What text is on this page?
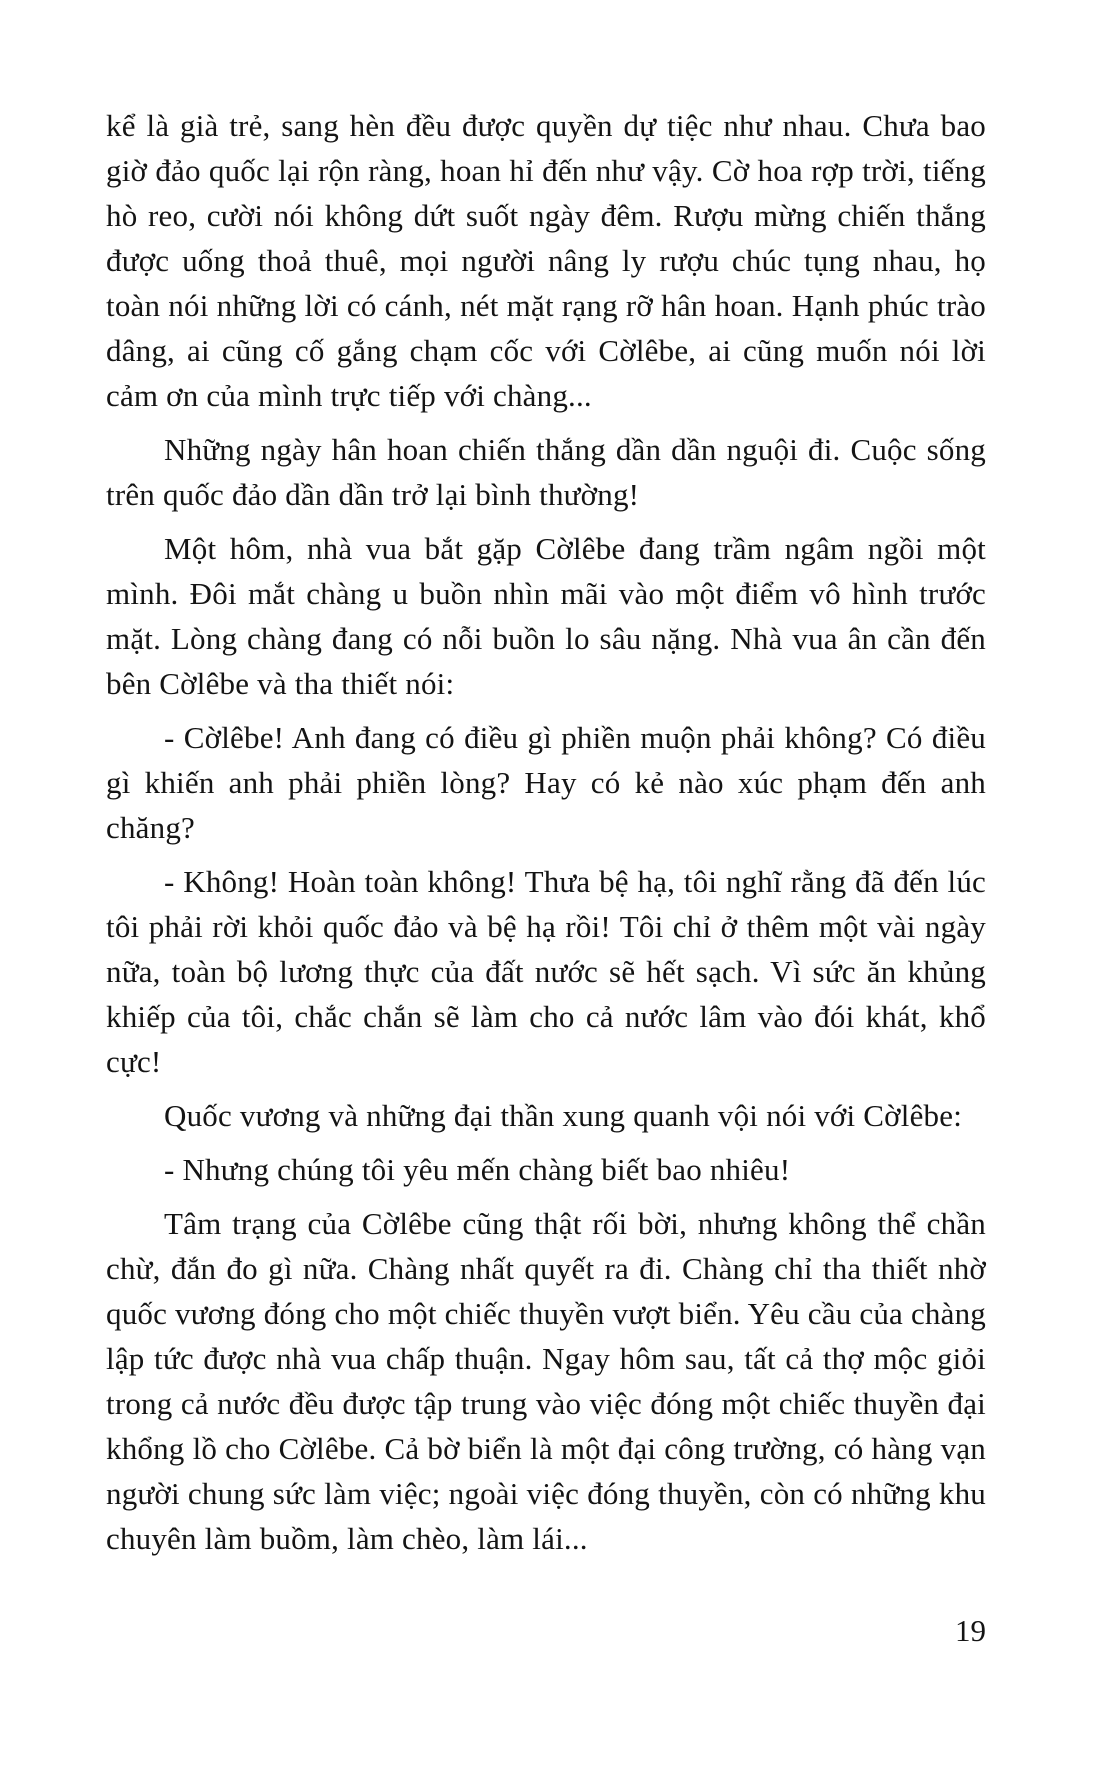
kể là già trẻ, sang hèn đều được quyền dự tiệc như nhau. Chưa bao giờ đảo quốc lại rộn ràng, hoan hỉ đến như vậy. Cờ hoa rợp trời, tiếng hò reo, cười nói không dứt suốt ngày đêm. Rượu mừng chiến thắng được uống thoả thuê, mọi người nâng ly rượu chúc tụng nhau, họ toàn nói những lời có cánh, nét mặt rạng rỡ hân hoan. Hạnh phúc trào dâng, ai cũng cố gắng chạm cốc với Cờlêbe, ai cũng muốn nói lời cảm ơn của mình trực tiếp với chàng...

Những ngày hân hoan chiến thắng dần dần nguội đi. Cuộc sống trên quốc đảo dần dần trở lại bình thường!

Một hôm, nhà vua bắt gặp Cờlêbe đang trầm ngâm ngồi một mình. Đôi mắt chàng u buồn nhìn mãi vào một điểm vô hình trước mặt. Lòng chàng đang có nỗi buồn lo sâu nặng. Nhà vua ân cần đến bên Cờlêbe và tha thiết nói:

- Cờlêbe! Anh đang có điều gì phiền muộn phải không? Có điều gì khiến anh phải phiền lòng? Hay có kẻ nào xúc phạm đến anh chăng?

- Không! Hoàn toàn không! Thưa bệ hạ, tôi nghĩ rằng đã đến lúc tôi phải rời khỏi quốc đảo và bệ hạ rồi! Tôi chỉ ở thêm một vài ngày nữa, toàn bộ lương thực của đất nước sẽ hết sạch. Vì sức ăn khủng khiếp của tôi, chắc chắn sẽ làm cho cả nước lâm vào đói khát, khổ cực!

Quốc vương và những đại thần xung quanh vội nói với Cờlêbe:

- Nhưng chúng tôi yêu mến chàng biết bao nhiêu!

Tâm trạng của Cờlêbe cũng thật rối bời, nhưng không thể chần chừ, đắn đo gì nữa. Chàng nhất quyết ra đi. Chàng chỉ tha thiết nhờ quốc vương đóng cho một chiếc thuyền vượt biển. Yêu cầu của chàng lập tức được nhà vua chấp thuận. Ngay hôm sau, tất cả thợ mộc giỏi trong cả nước đều được tập trung vào việc đóng một chiếc thuyền đại khổng lồ cho Cờlêbe. Cả bờ biển là một đại công trường, có hàng vạn người chung sức làm việc; ngoài việc đóng thuyền, còn có những khu chuyên làm buồm, làm chèo, làm lái...

19
